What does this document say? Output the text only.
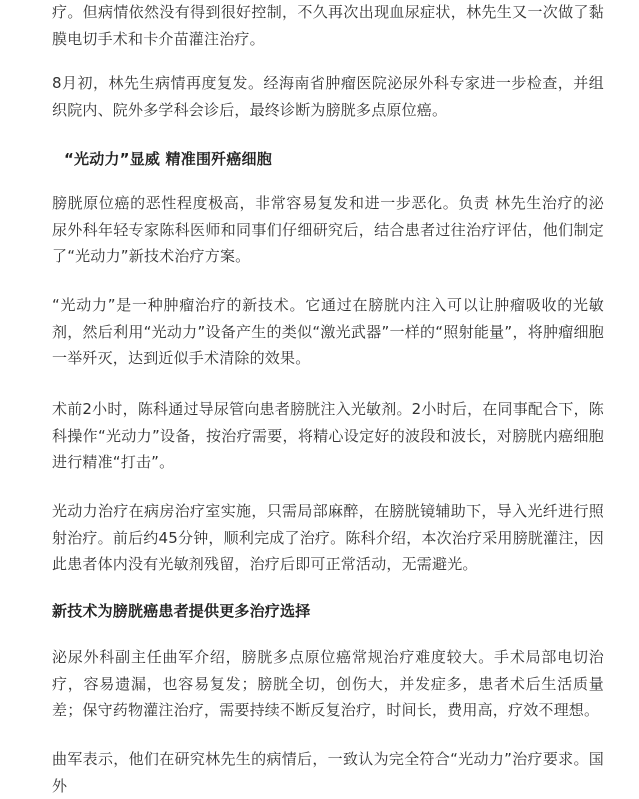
疗。但病情依然没有得到很好控制，不久再次出现血尿症状，林先生又一次做了黏膜电切手术和卡介苗灌注治疗。

8月初，林先生病情再度复发。经海南省肿瘤医院泌尿外科专家进一步检查，并组织院内、院外多学科会诊后，最终诊断为膀胱多点原位癌。

“光动力”显威 精准围歼癌细胞

膀胱原位癌的恶性程度极高，非常容易复发和进一步恶化。负责 林先生治疗的泌尿外科年轻专家陈科医师和同事们仔细研究后，结合患者过往治疗评估，他们制定了“光动力”新技术治疗方案。

“光动力”是一种肿瘤治疗的新技术。它通过在膀胱内注入可以让肿瘤吸收的光敏剂，然后利用“光动力”设备产生的类似“激光武器”一样的“照射能量”，将肿瘤细胞一举歼灭，达到近似手术清除的效果。

术前2小时，陈科通过导尿管向患者膀胱注入光敏剂。2小时后，在同事配合下，陈科操作“光动力”设备，按治疗需要，将精心设定好的波段和波长，对膀胱内癌细胞进行精准“打击”。

光动力治疗在病房治疗室实施，只需局部麻醉，在膀胱镜辅助下，导入光纤进行照射治疗。前后约45分钟，顺利完成了治疗。陈科介绍，本次治疗采用膀胱灌注，因此患者体内没有光敏剂残留，治疗后即可正常活动，无需避光。

新技术为膀胱癌患者提供更多治疗选择

泌尿外科副主任曲军介绍，膀胱多点原位癌常规治疗难度较大。手术局部电切治疗，容易遗漏，也容易复发；膀胱全切，创伤大，并发症多，患者术后生活质量差；保守药物灌注治疗，需要持续不断反复治疗，时间长，费用高，疗效不理想。

曲军表示，他们在研究林先生的病情后，一致认为完全符合“光动力”治疗要求。国外
